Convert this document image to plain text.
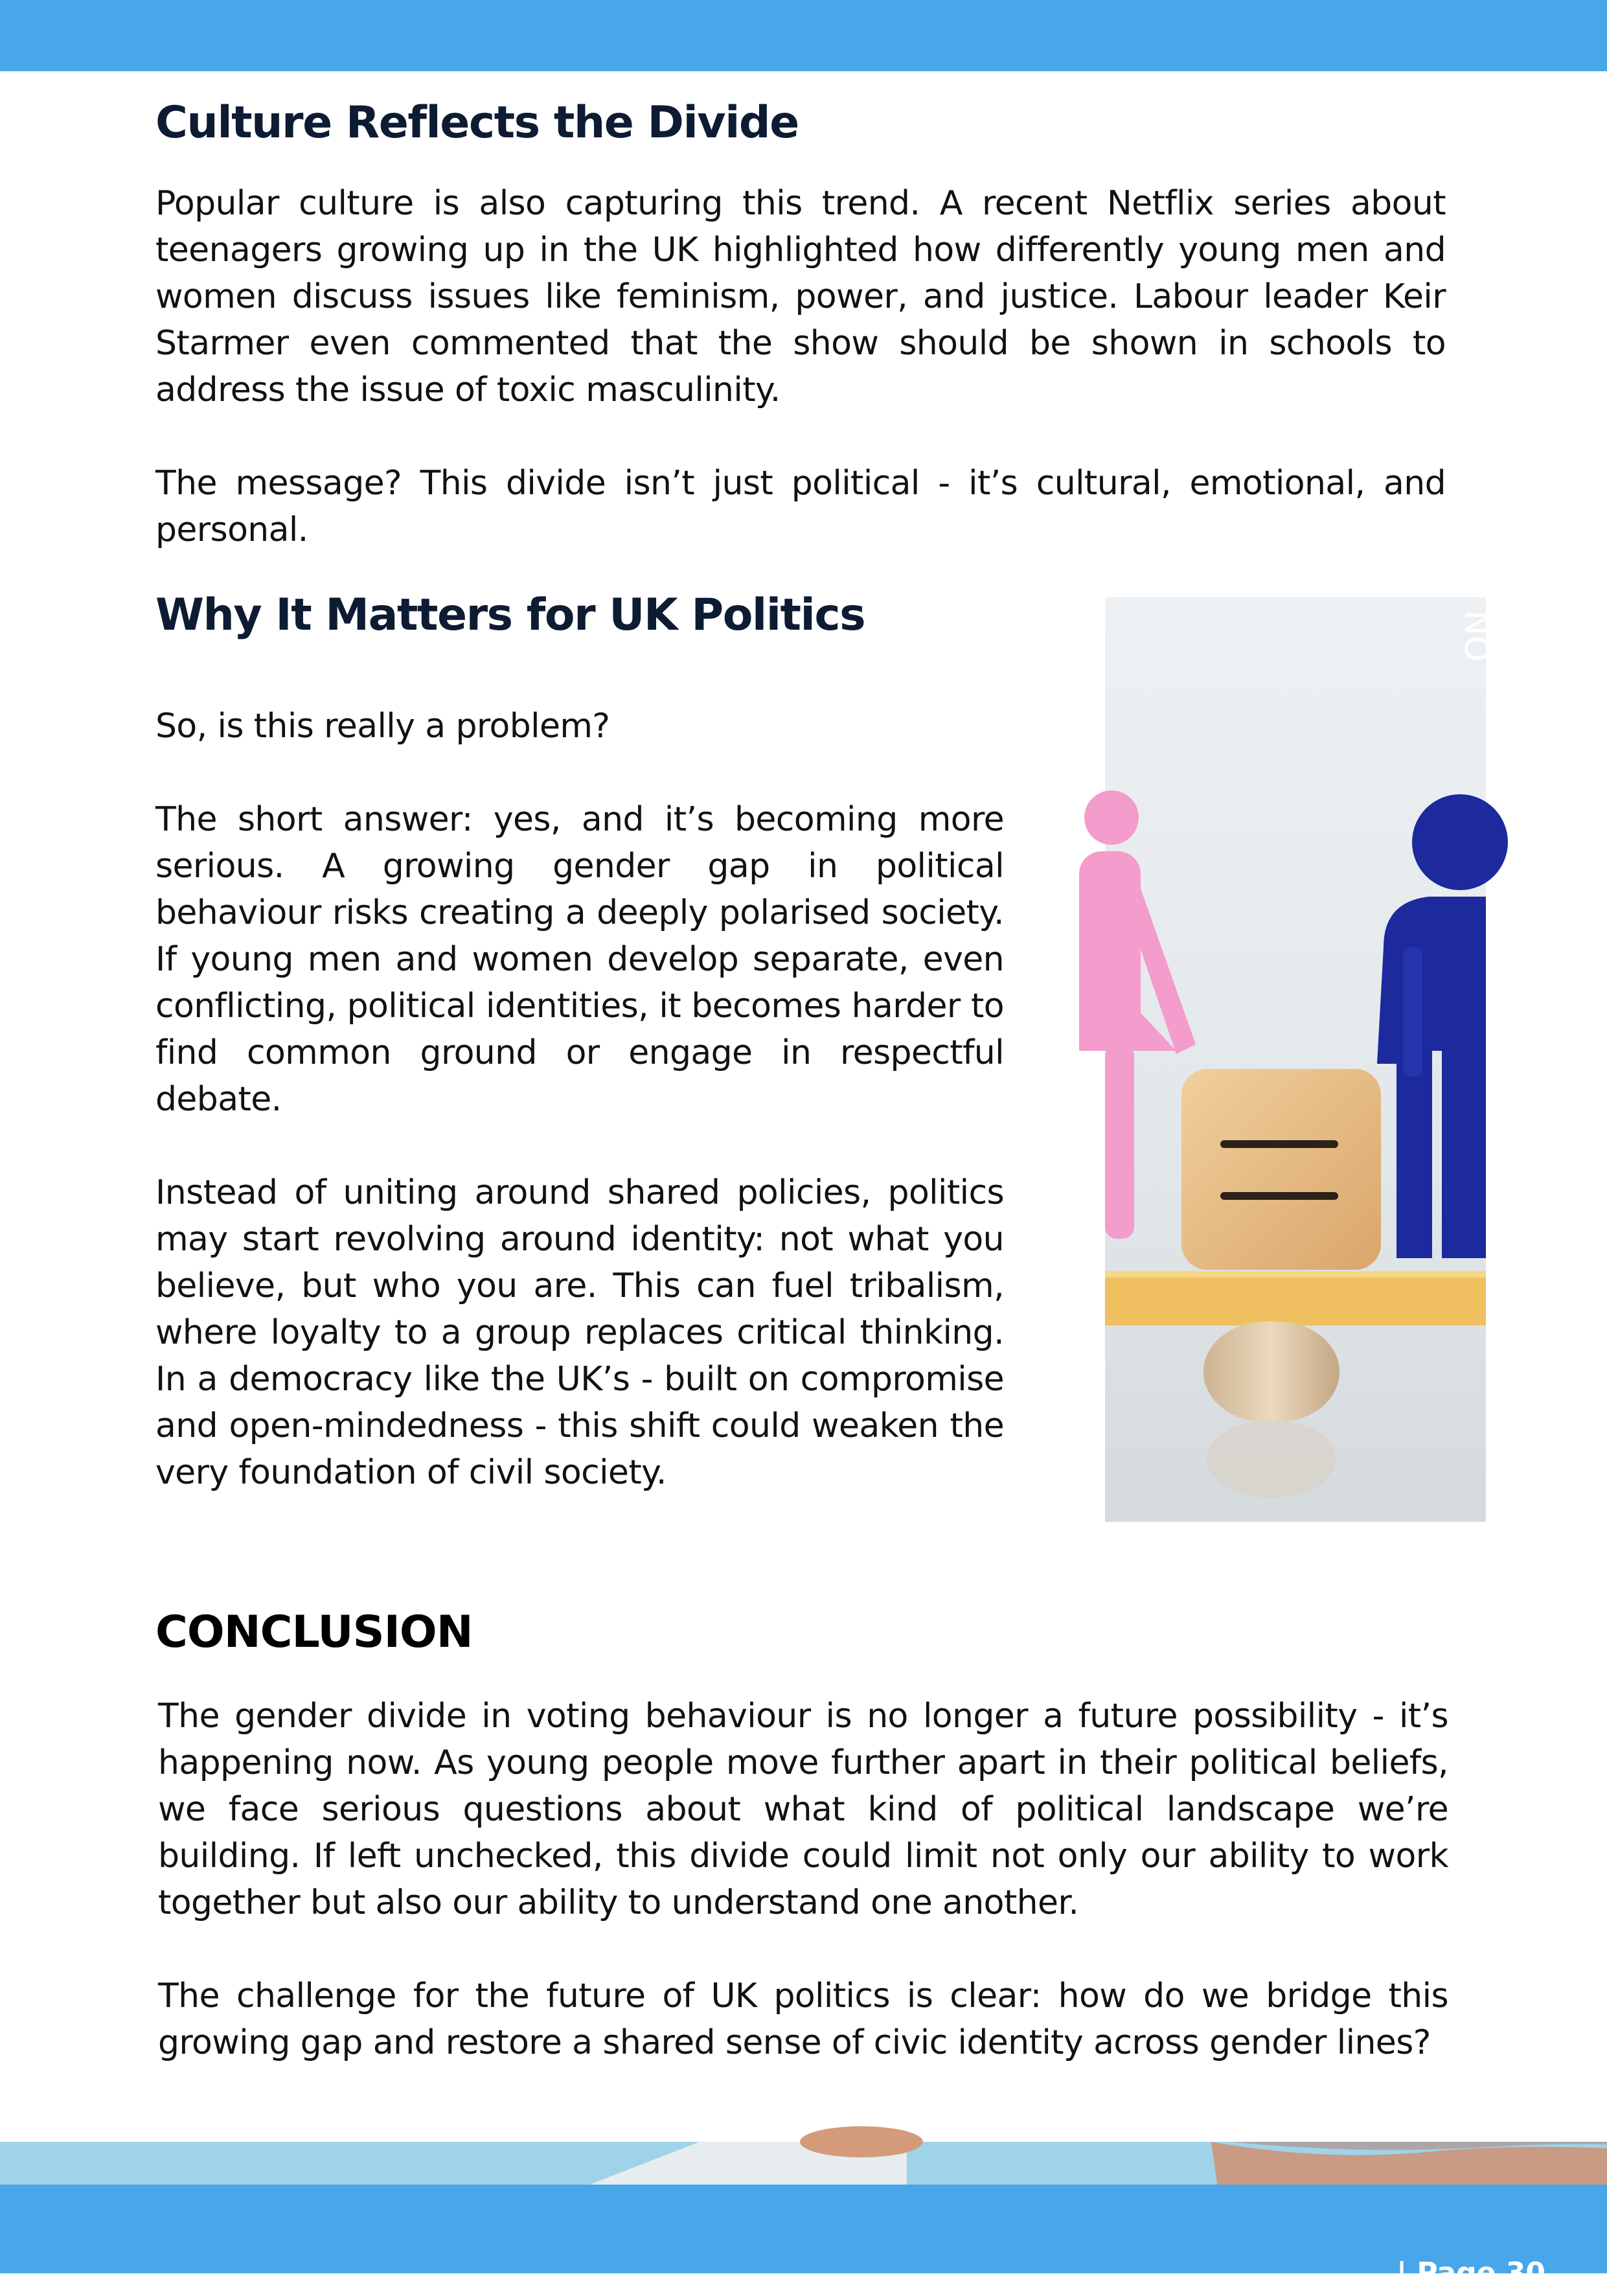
Culture Reflects the Divide

Popular culture is also capturing this trend. A recent Netflix series about teenagers growing up in the UK highlighted how differently young men and women discuss issues like feminism, power, and justice. Labour leader Keir Starmer even commented that the show should be shown in schools to address the issue of toxic masculinity.

The message? This divide isn’t just political - it’s cultural, emotional, and personal.

Why It Matters for UK Politics

So, is this really a problem?

The short answer: yes, and it’s becoming more serious. A growing gender gap in political behaviour risks creating a deeply polarised society. If young men and women develop separate, even conflicting, political identities, it becomes harder to find common ground or engage in respectful debate.

Instead of uniting around shared policies, politics may start revolving around identity: not what you believe, but who you are. This can fuel tribalism, where loyalty to a group replaces critical thinking. In a democracy like the UK’s - built on compromise and open-mindedness - this shift could weaken the very foundation of civil society.

NO
CONCLUSION

The gender divide in voting behaviour is no longer a future possibility - it’s happening now. As young people move further apart in their political beliefs, we face serious questions about what kind of political landscape we’re building. If left unchecked, this divide could limit not only our ability to work together but also our ability to understand one another.

The challenge for the future of UK politics is clear: how do we bridge this growing gap and restore a shared sense of civic identity across gender lines?

| Page 30
